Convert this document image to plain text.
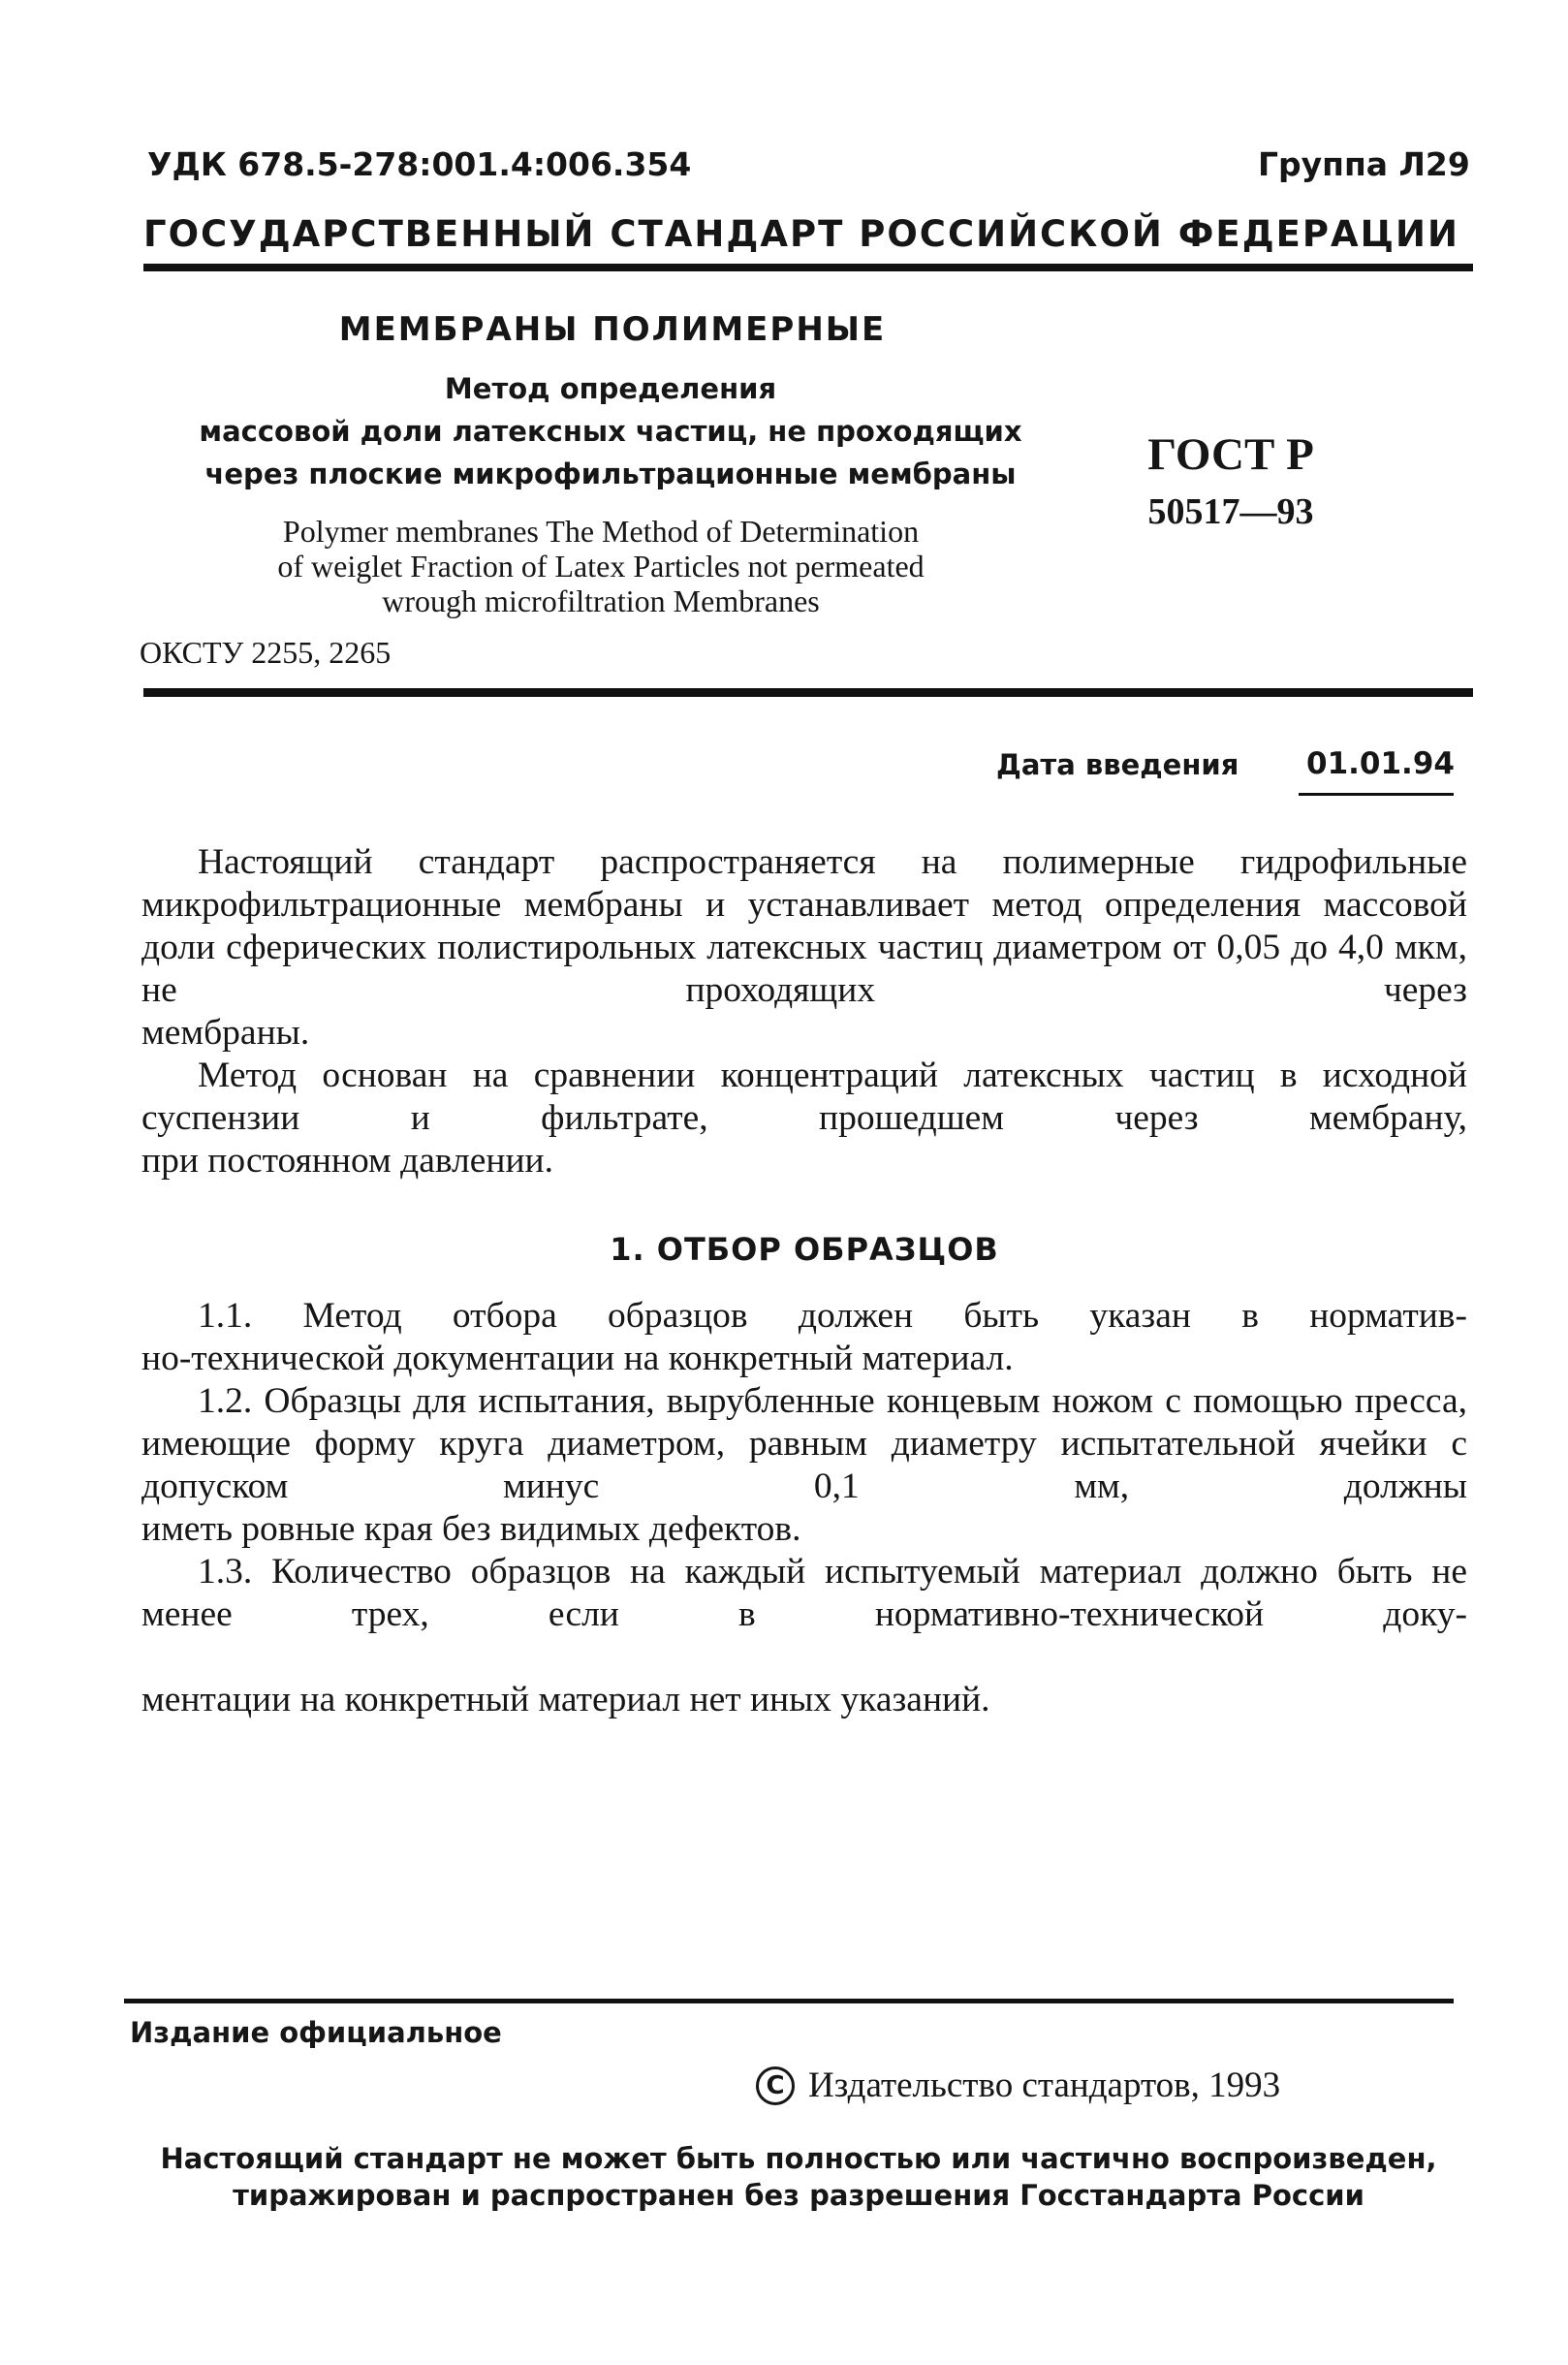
УДК 678.5-278:001.4:006.354	Группа Л29
ГОСУДАРСТВЕННЫЙ СТАНДАРТ РОССИЙСКОЙ ФЕДЕРАЦИИ
МЕМБРАНЫ ПОЛИМЕРНЫЕ
Метод определения
массовой доли латексных частиц, не проходящих
через плоские микрофильтрационные мембраны
Polymer membranes The Method of Determination
of weiglet Fraction of Latex Particles not permeated
wrough microfiltration Membranes
ОКСТУ 2255, 2265
ГОСТ Р
50517—93
Дата введения 01.01.94
Настоящий стандарт распространяется на полимерные гидрофильные микрофильтрационные мембраны и устанавливает метод определения массовой доли сферических полистирольных латексных частиц диаметром от 0,05 до 4,0 мкм, не проходящих через
мембраны.
Метод основан на сравнении концентраций латексных частиц в исходной суспензии и фильтрате, прошедшем через мембрану,
при постоянном давлении.
1. ОТБОР ОБРАЗЦОВ
1.1. Метод отбора образцов должен быть указан в норматив-
но-технической документации на конкретный материал.
1.2. Образцы для испытания, вырубленные концевым ножом с помощью пресса, имеющие форму круга диаметром, равным диаметру испытательной ячейки с допуском минус 0,1 мм, должны
иметь ровные края без видимых дефектов.
1.3. Количество образцов на каждый испытуемый материал должно быть не менее трех, если в нормативно-технической доку-
ментации на конкретный материал нет иных указаний.
Издание официальное
C Издательство стандартов, 1993
Настоящий стандарт не может быть полностью или частично воспроизведен,
тиражирован и распространен без разрешения Госстандарта России
